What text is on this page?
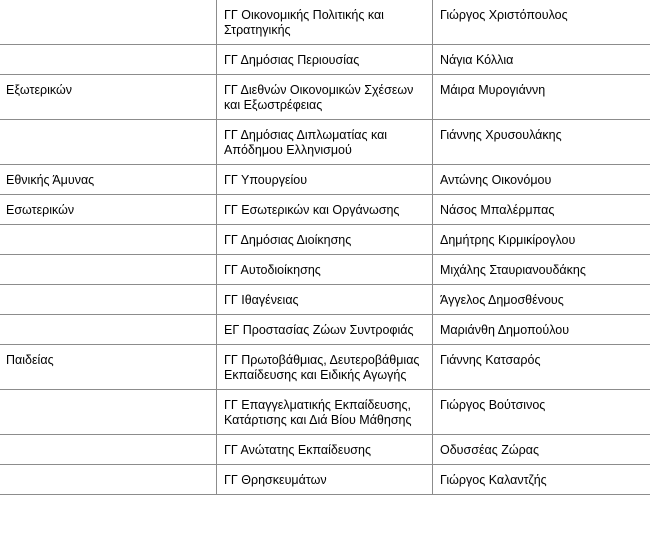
	ΓΓ Οικονομικής Πολιτικής και Στρατηγικής	Γιώργος Χριστόπουλος
	ΓΓ Δημόσιας Περιουσίας	Νάγια Κόλλια
Εξωτερικών	ΓΓ Διεθνών Οικονομικών Σχέσεων και Εξωστρέφειας	Μάιρα Μυρογιάννη
	ΓΓ Δημόσιας Διπλωματίας και Απόδημου Ελληνισμού	Γιάννης Χρυσουλάκης
Εθνικής Άμυνας	ΓΓ Υπουργείου	Αντώνης Οικονόμου
Εσωτερικών	ΓΓ Εσωτερικών και Οργάνωσης	Νάσος Μπαλέρμπας
	ΓΓ Δημόσιας Διοίκησης	Δημήτρης Κιρμικίρογλου
	ΓΓ Αυτοδιοίκησης	Μιχάλης Σταυριανουδάκης
	ΓΓ Ιθαγένειας	Άγγελος Δημοσθένους
	ΕΓ Προστασίας Ζώων Συντροφιάς	Μαριάνθη Δημοπούλου
Παιδείας	ΓΓ Πρωτοβάθμιας, Δευτεροβάθμιας Εκπαίδευσης και Ειδικής Αγωγής	Γιάννης Κατσαρός
	ΓΓ Επαγγελματικής Εκπαίδευσης, Κατάρτισης και Διά Βίου Μάθησης	Γιώργος Βούτσινος
	ΓΓ Ανώτατης Εκπαίδευσης	Οδυσσέας Ζώρας
	ΓΓ Θρησκευμάτων	Γιώργος Καλαντζής
